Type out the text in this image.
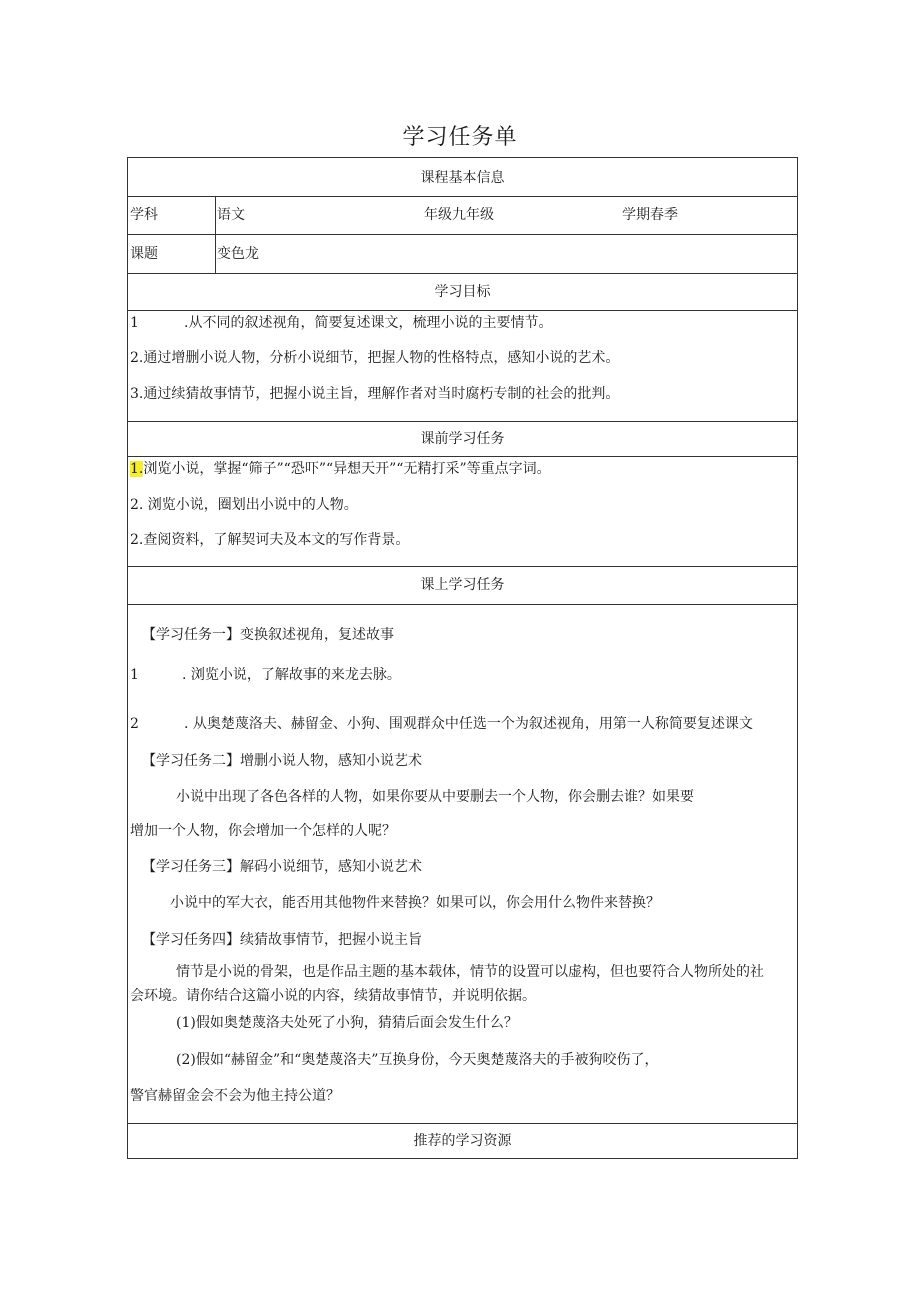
学习任务单
课程基本信息
学科	语文	年级九年级	学期春季
课题	变色龙
学习目标
1	.从不同的叙述视角，简要复述课文，梳理小说的主要情节。
2.通过增删小说人物，分析小说细节，把握人物的性格特点，感知小说的艺术。
3.通过续猜故事情节，把握小说主旨，理解作者对当时腐朽专制的社会的批判。
课前学习任务
1.浏览小说，掌握“筛子”“恐吓”“异想天开”“无精打采”等重点字词。
2. 浏览小说，圈划出小说中的人物。
2.查阅资料，了解契诃夫及本文的写作背景。
课上学习任务
【学习任务一】变换叙述视角，复述故事
1	. 浏览小说，了解故事的来龙去脉。
2	. 从奥楚蔑洛夫、赫留金、小狗、围观群众中任选一个为叙述视角，用第一人称简要复述课文
【学习任务二】增删小说人物，感知小说艺术
小说中出现了各色各样的人物，如果你要从中要删去一个人物，你会删去谁？如果要
增加一个人物，你会增加一个怎样的人呢？
【学习任务三】解码小说细节，感知小说艺术
小说中的军大衣，能否用其他物件来替换？如果可以，你会用什么物件来替换？
【学习任务四】续猜故事情节，把握小说主旨
情节是小说的骨架，也是作品主题的基本载体，情节的设置可以虚构，但也要符合人物所处的社
会环境。请你结合这篇小说的内容，续猜故事情节，并说明依据。
(1)假如奥楚蔑洛夫处死了小狗，猜猜后面会发生什么？
(2)假如“赫留金”和“奥楚蔑洛夫”互换身份，今天奥楚蔑洛夫的手被狗咬伤了，
警官赫留金会不会为他主持公道？
推荐的学习资源
